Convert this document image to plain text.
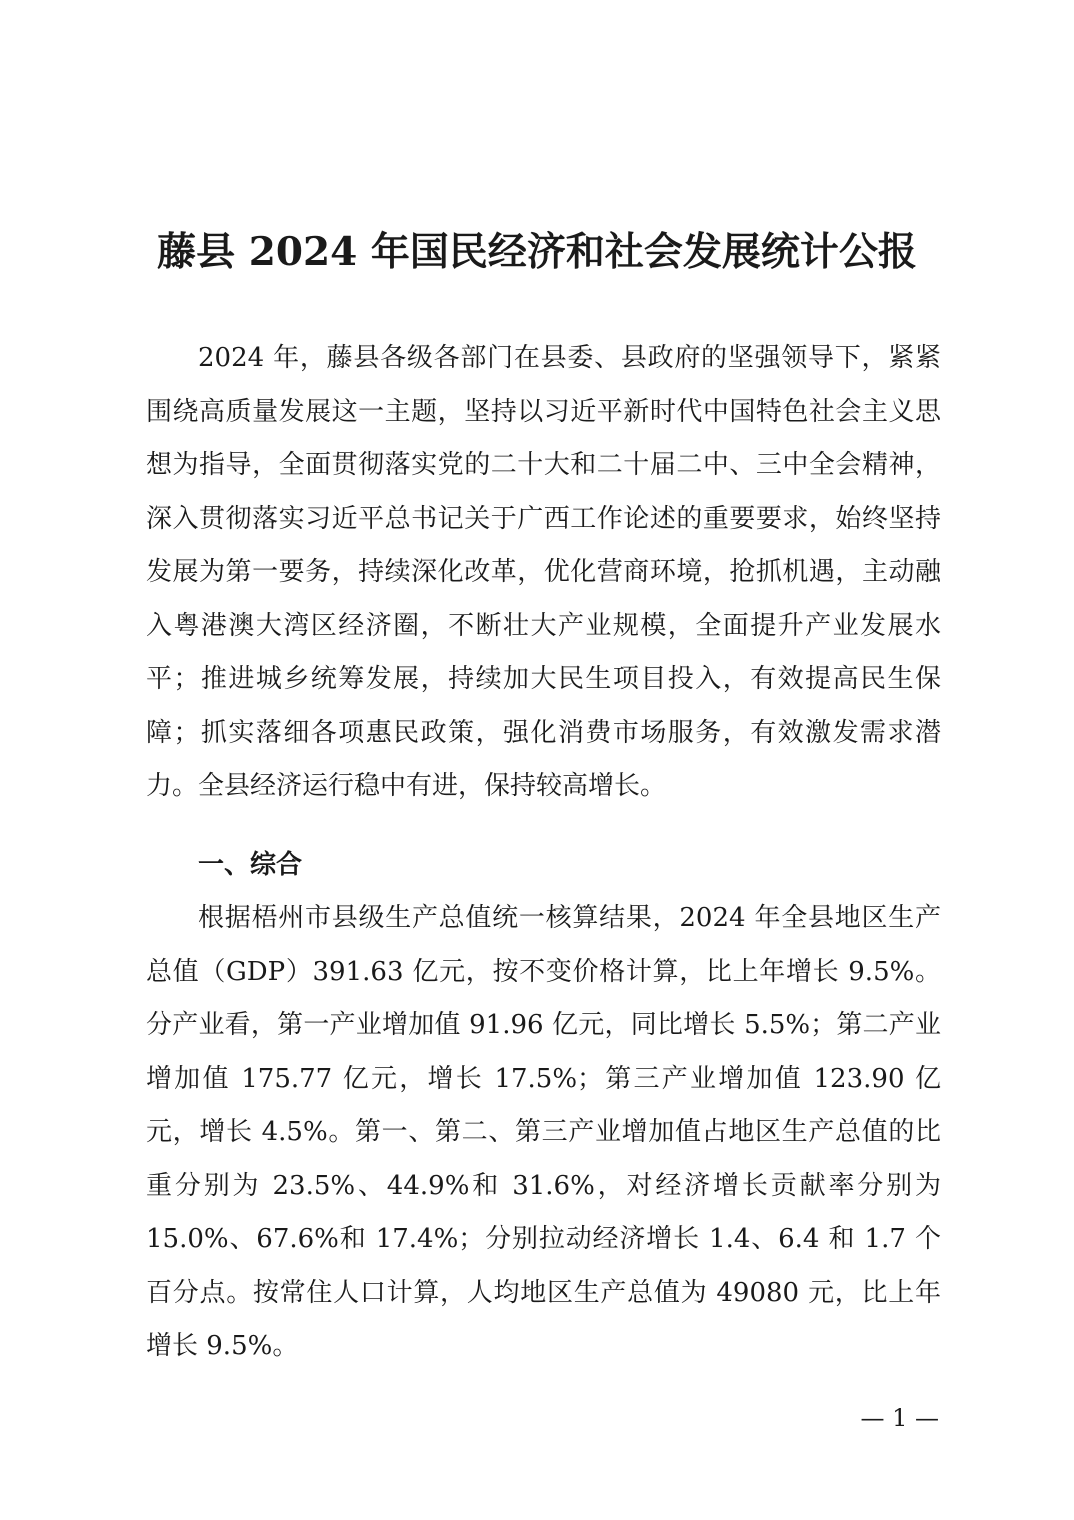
藤县 2024 年国民经济和社会发展统计公报

2024 年，藤县各级各部门在县委、县政府的坚强领导下，紧紧围绕高质量发展这一主题，坚持以习近平新时代中国特色社会主义思想为指导，全面贯彻落实党的二十大和二十届二中、三中全会精神，深入贯彻落实习近平总书记关于广西工作论述的重要要求，始终坚持发展为第一要务，持续深化改革，优化营商环境，抢抓机遇，主动融入粤港澳大湾区经济圈，不断壮大产业规模，全面提升产业发展水平；推进城乡统筹发展，持续加大民生项目投入，有效提高民生保障；抓实落细各项惠民政策，强化消费市场服务，有效激发需求潜力。全县经济运行稳中有进，保持较高增长。

一、综合

根据梧州市县级生产总值统一核算结果，2024 年全县地区生产总值（GDP）391.63 亿元，按不变价格计算，比上年增长 9.5%。分产业看，第一产业增加值 91.96 亿元，同比增长 5.5%；第二产业增加值 175.77 亿元，增长 17.5%；第三产业增加值 123.90 亿元，增长 4.5%。第一、第二、第三产业增加值占地区生产总值的比重分别为 23.5%、44.9%和 31.6%，对经济增长贡献率分别为 15.0%、67.6%和 17.4%；分别拉动经济增长 1.4、6.4 和 1.7 个百分点。按常住人口计算，人均地区生产总值为 49080 元，比上年增长 9.5%。

— 1 —
